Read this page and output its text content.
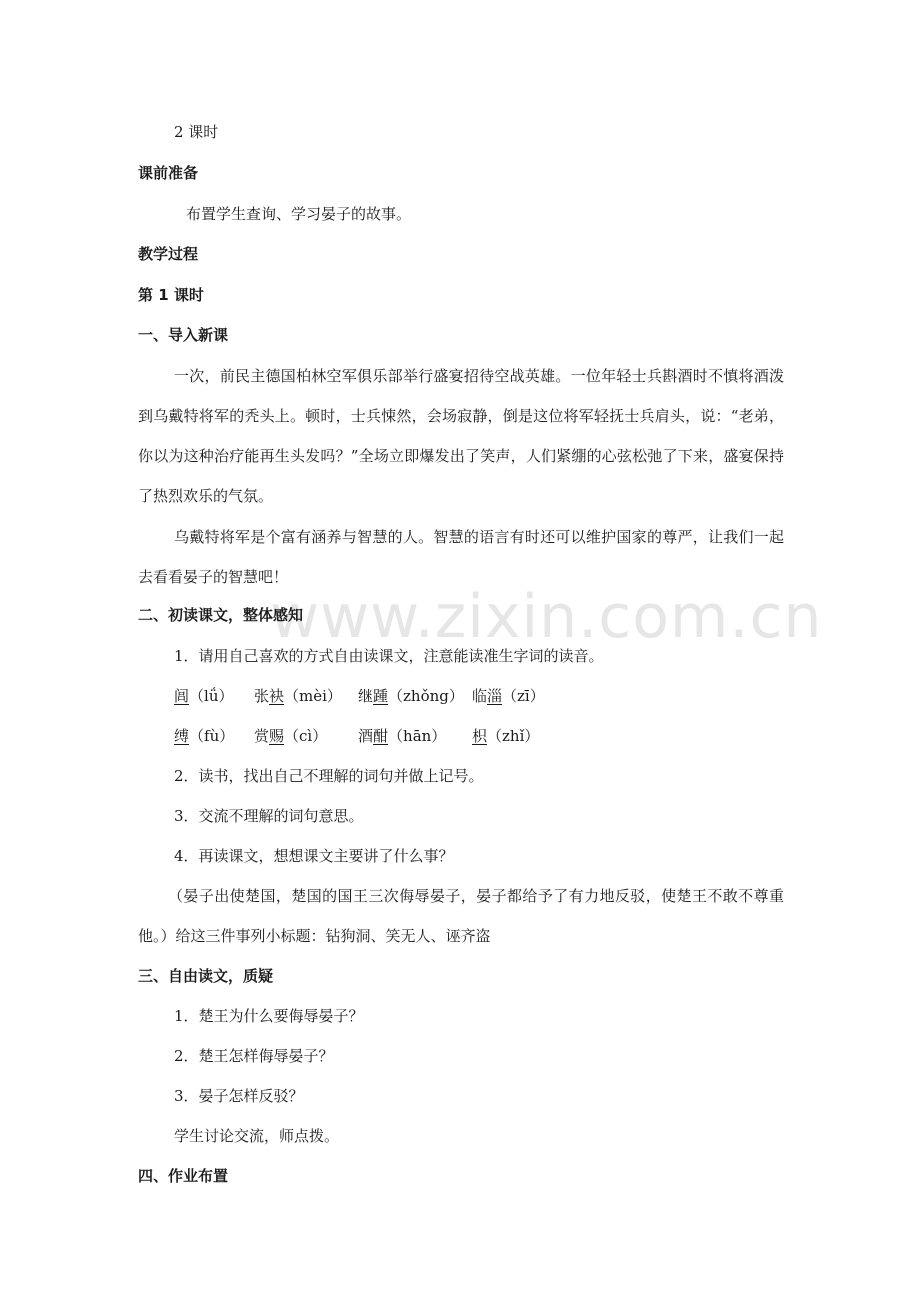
www.zixin.com.cn
2 课时
课前准备
布置学生查询、学习晏子的故事。
教学过程
第 1 课时
一、导入新课
一次，前民主德国柏林空军俱乐部举行盛宴招待空战英雄。一位年轻士兵斟酒时不慎将酒泼到乌戴特将军的秃头上。顿时，士兵悚然，会场寂静，倒是这位将军轻抚士兵肩头，说：“老弟，你以为这种治疗能再生头发吗？”全场立即爆发出了笑声，人们紧绷的心弦松弛了下来，盛宴保持了热烈欢乐的气氛。
乌戴特将军是个富有涵养与智慧的人。智慧的语言有时还可以维护国家的尊严，让我们一起去看看晏子的智慧吧！
二、初读课文，整体感知
1．请用自己喜欢的方式自由读课文，注意能读准生字词的读音。
闾（lǘ） 张袂（mèi） 继踵（zhǒng） 临淄（zī）
缚（fù） 赏赐（cì） 酒酣（hān） 枳（zhǐ）
2．读书，找出自己不理解的词句并做上记号。
3．交流不理解的词句意思。
4．再读课文，想想课文主要讲了什么事？
（晏子出使楚国，楚国的国王三次侮辱晏子，晏子都给予了有力地反驳，使楚王不敢不尊重他。）给这三件事列小标题：钻狗洞、笑无人、诬齐盗
三、自由读文，质疑
1．楚王为什么要侮辱晏子？
2．楚王怎样侮辱晏子？
3．晏子怎样反驳？
学生讨论交流，师点拨。
四、作业布置
